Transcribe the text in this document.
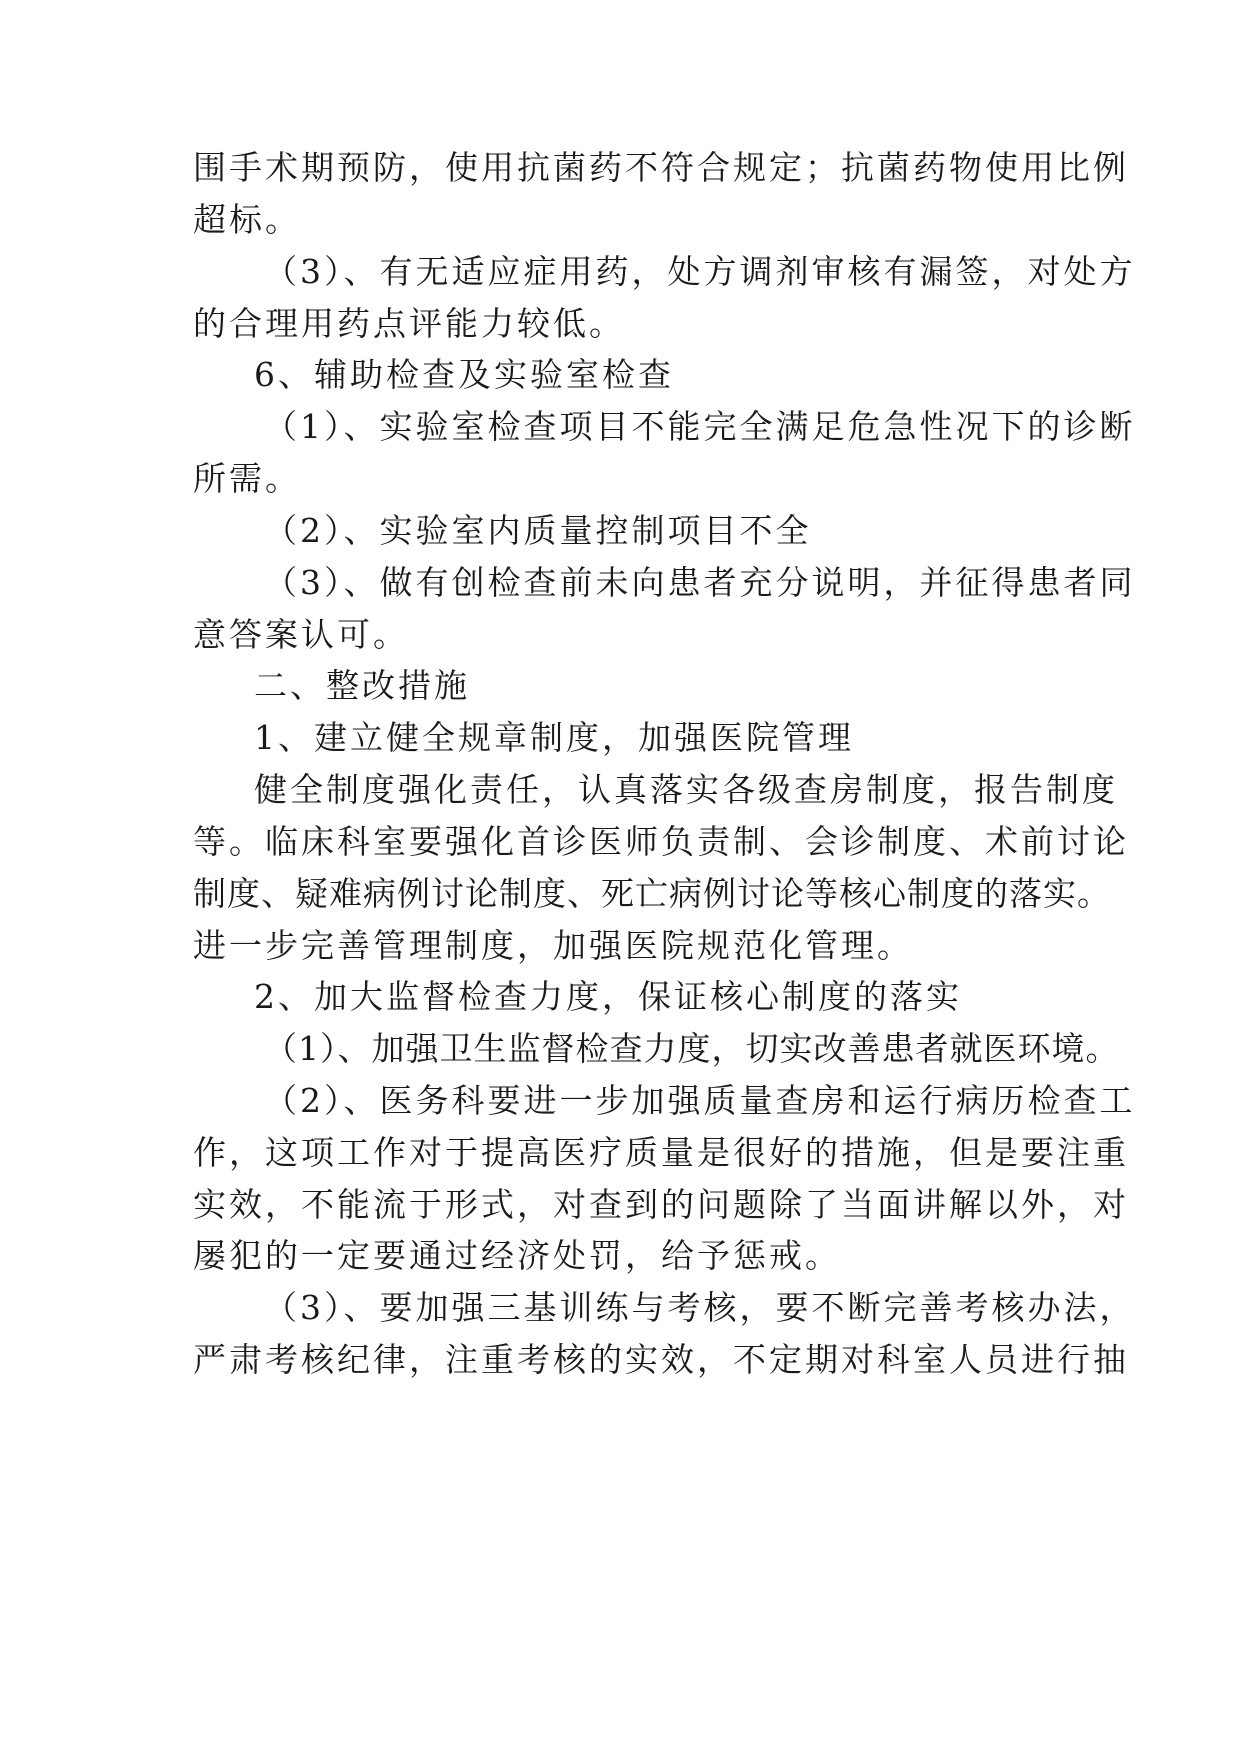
围手术期预防，使用抗菌药不符合规定；抗菌药物使用比例
超标。
（3）、有无适应症用药，处方调剂审核有漏签，对处方
的合理用药点评能力较低。
6、辅助检查及实验室检查
（1）、实验室检查项目不能完全满足危急性况下的诊断
所需。
（2）、实验室内质量控制项目不全
（3）、做有创检查前未向患者充分说明，并征得患者同
意答案认可。
二、整改措施
1、建立健全规章制度，加强医院管理
健全制度强化责任，认真落实各级查房制度，报告制度
等。临床科室要强化首诊医师负责制、会诊制度、术前讨论
制度、疑难病例讨论制度、死亡病例讨论等核心制度的落实。
进一步完善管理制度，加强医院规范化管理。
2、加大监督检查力度，保证核心制度的落实
（1）、加强卫生监督检查力度，切实改善患者就医环境。
（2）、医务科要进一步加强质量查房和运行病历检查工
作，这项工作对于提高医疗质量是很好的措施，但是要注重
实效，不能流于形式，对查到的问题除了当面讲解以外，对
屡犯的一定要通过经济处罚，给予惩戒。
（3）、要加强三基训练与考核，要不断完善考核办法，
严肃考核纪律，注重考核的实效，不定期对科室人员进行抽
